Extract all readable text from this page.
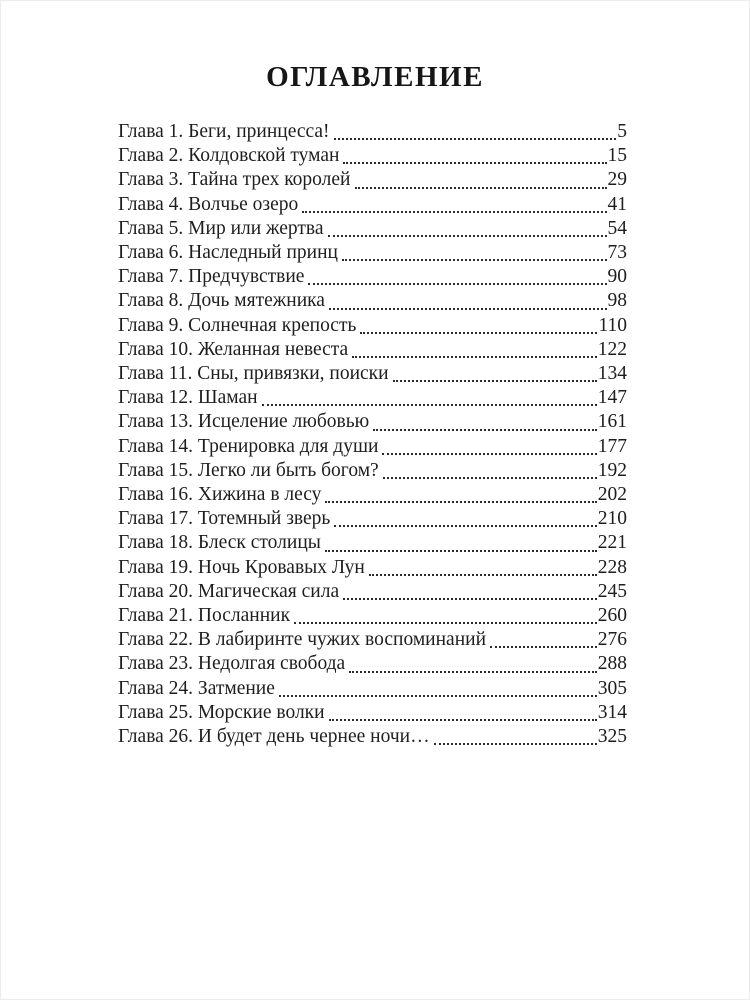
ОГЛАВЛЕНИЕ
Глава 1. Беги, принцесса!	5
Глава 2. Колдовской туман	15
Глава 3. Тайна трех королей	29
Глава 4. Волчье озеро	41
Глава 5. Мир или жертва	54
Глава 6. Наследный принц	73
Глава 7. Предчувствие	90
Глава 8. Дочь мятежника	98
Глава 9. Солнечная крепость	110
Глава 10. Желанная невеста	122
Глава 11. Сны, привязки, поиски	134
Глава 12. Шаман	147
Глава 13. Исцеление любовью	161
Глава 14. Тренировка для души	177
Глава 15. Легко ли быть богом?	192
Глава 16. Хижина в лесу	202
Глава 17. Тотемный зверь	210
Глава 18. Блеск столицы	221
Глава 19. Ночь Кровавых Лун	228
Глава 20. Магическая сила	245
Глава 21. Посланник	260
Глава 22. В лабиринте чужих воспоминаний	276
Глава 23. Недолгая свобода	288
Глава 24. Затмение	305
Глава 25. Морские волки	314
Глава 26. И будет день чернее ночи…	325
